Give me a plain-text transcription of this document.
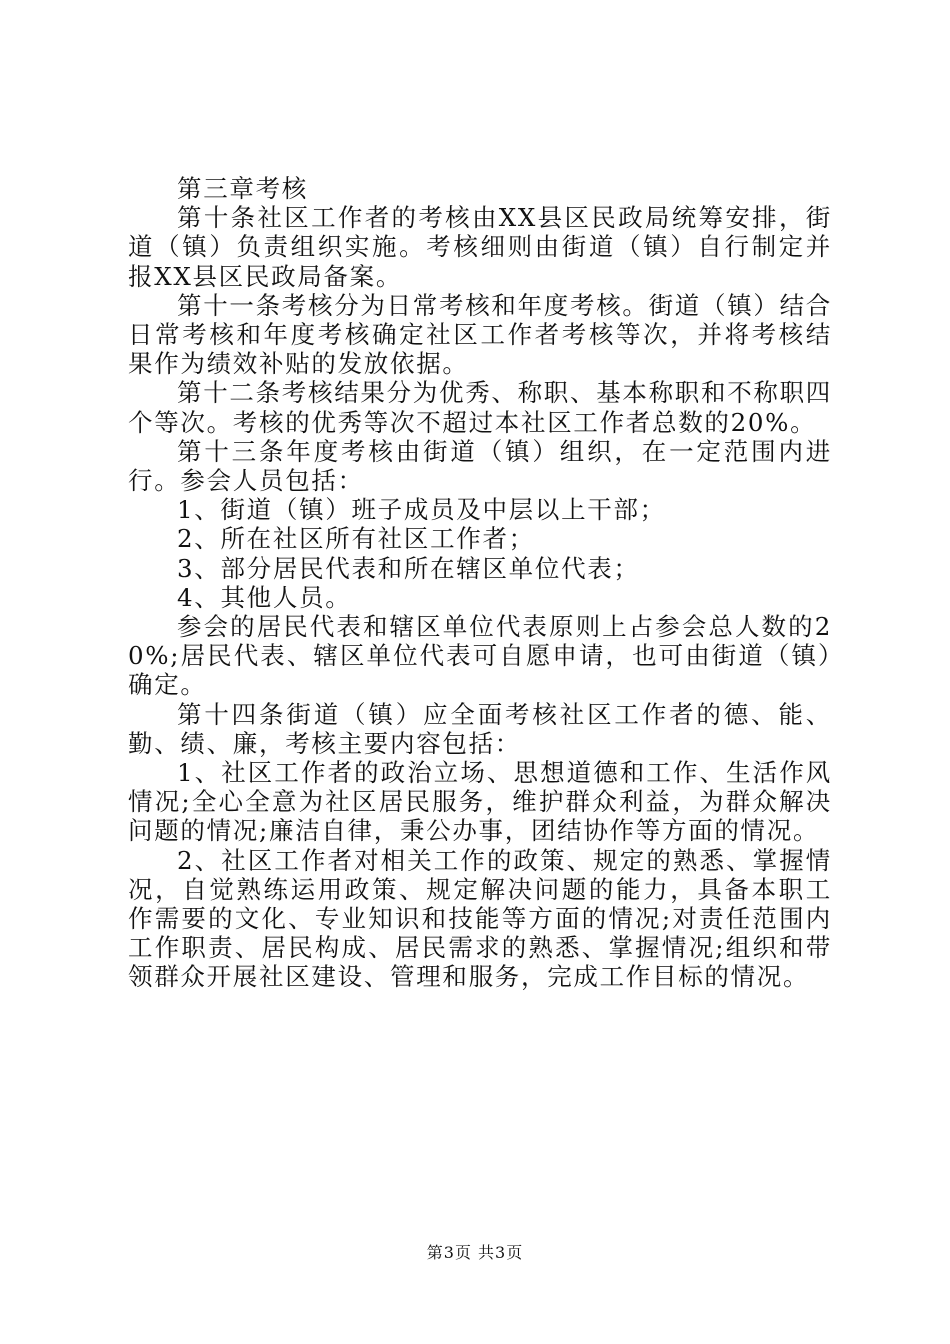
第三章考核

第十条社区工作者的考核由XX县区民政局统筹安排，街道（镇）负责组织实施。考核细则由街道（镇）自行制定并报XX县区民政局备案。

第十一条考核分为日常考核和年度考核。街道（镇）结合日常考核和年度考核确定社区工作者考核等次，并将考核结果作为绩效补贴的发放依据。

第十二条考核结果分为优秀、称职、基本称职和不称职四个等次。考核的优秀等次不超过本社区工作者总数的20%。

第十三条年度考核由街道（镇）组织，在一定范围内进行。参会人员包括：

1、街道（镇）班子成员及中层以上干部；

2、所在社区所有社区工作者；

3、部分居民代表和所在辖区单位代表；

4、其他人员。

参会的居民代表和辖区单位代表原则上占参会总人数的20%;居民代表、辖区单位代表可自愿申请，也可由街道（镇）确定。

第十四条街道（镇）应全面考核社区工作者的德、能、勤、绩、廉，考核主要内容包括：

1、社区工作者的政治立场、思想道德和工作、生活作风情况;全心全意为社区居民服务，维护群众利益，为群众解决问题的情况;廉洁自律，秉公办事，团结协作等方面的情况。

2、社区工作者对相关工作的政策、规定的熟悉、掌握情况，自觉熟练运用政策、规定解决问题的能力，具备本职工作需要的文化、专业知识和技能等方面的情况;对责任范围内工作职责、居民构成、居民需求的熟悉、掌握情况;组织和带领群众开展社区建设、管理和服务，完成工作目标的情况。

第3页 共3页
